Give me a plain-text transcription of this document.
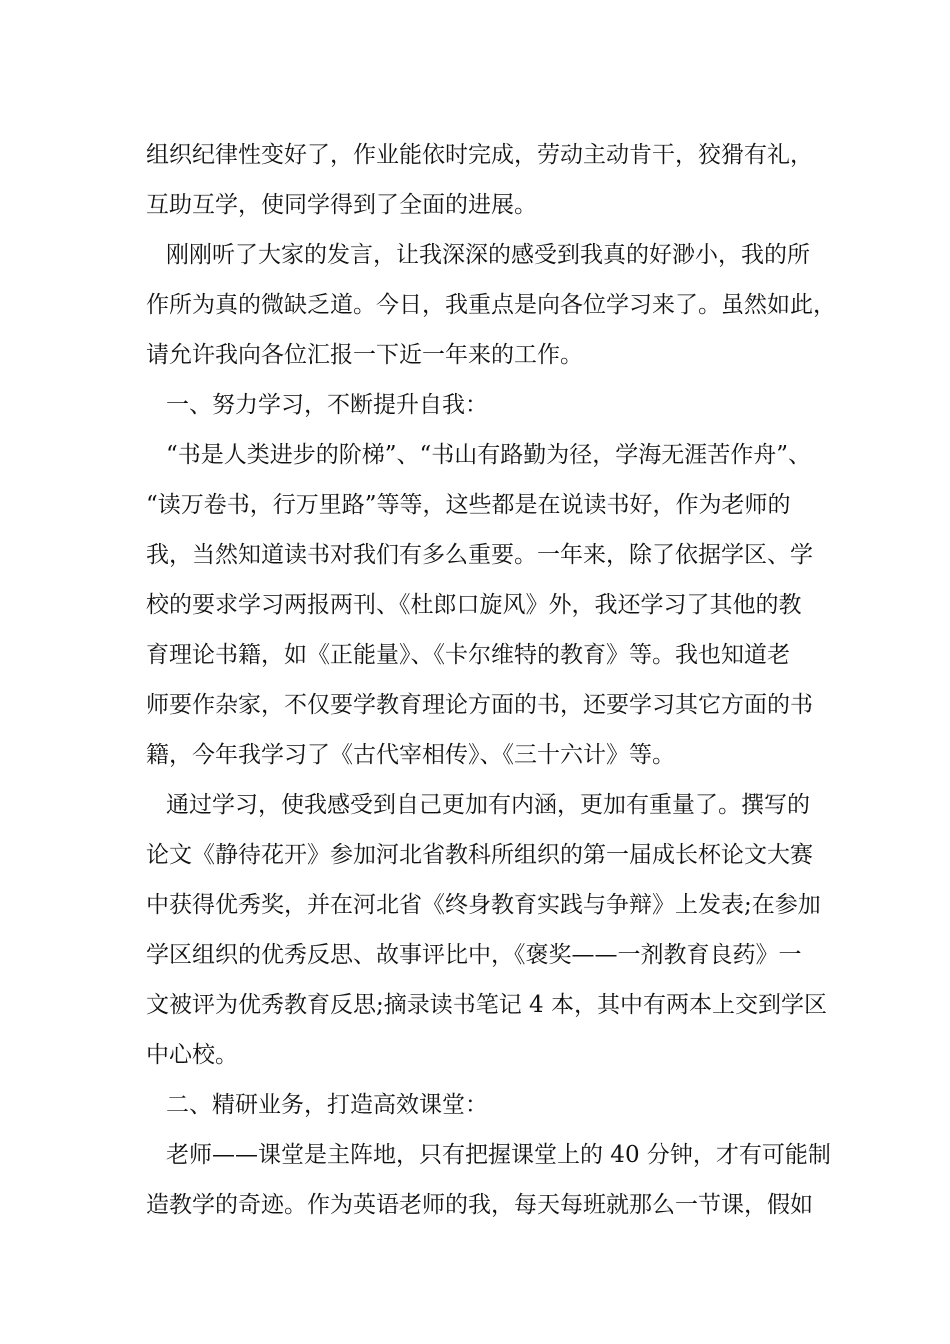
组织纪律性变好了，作业能依时完成，劳动主动肯干，狡猾有礼，
互助互学，使同学得到了全面的进展。
刚刚听了大家的发言，让我深深的感受到我真的好渺小，我的所
作所为真的微缺乏道。今日，我重点是向各位学习来了。虽然如此，
请允许我向各位汇报一下近一年来的工作。
一、努力学习，不断提升自我：
“书是人类进步的阶梯”、“书山有路勤为径，学海无涯苦作舟”、
“读万卷书，行万里路”等等，这些都是在说读书好，作为老师的
我，当然知道读书对我们有多么重要。一年来，除了依据学区、学
校的要求学习两报两刊、《杜郎口旋风》外，我还学习了其他的教
育理论书籍，如《正能量》、《卡尔维特的教育》等。我也知道老
师要作杂家，不仅要学教育理论方面的书，还要学习其它方面的书
籍，今年我学习了《古代宰相传》、《三十六计》等。
通过学习，使我感受到自己更加有内涵，更加有重量了。撰写的
论文《静待花开》参加河北省教科所组织的第一届成长杯论文大赛
中获得优秀奖，并在河北省《终身教育实践与争辩》上发表;在参加
学区组织的优秀反思、故事评比中，《褒奖——一剂教育良药》一
文被评为优秀教育反思;摘录读书笔记 4 本，其中有两本上交到学区
中心校。
二、精研业务，打造高效课堂：
老师——课堂是主阵地，只有把握课堂上的 40 分钟，才有可能制
造教学的奇迹。作为英语老师的我，每天每班就那么一节课，假如
